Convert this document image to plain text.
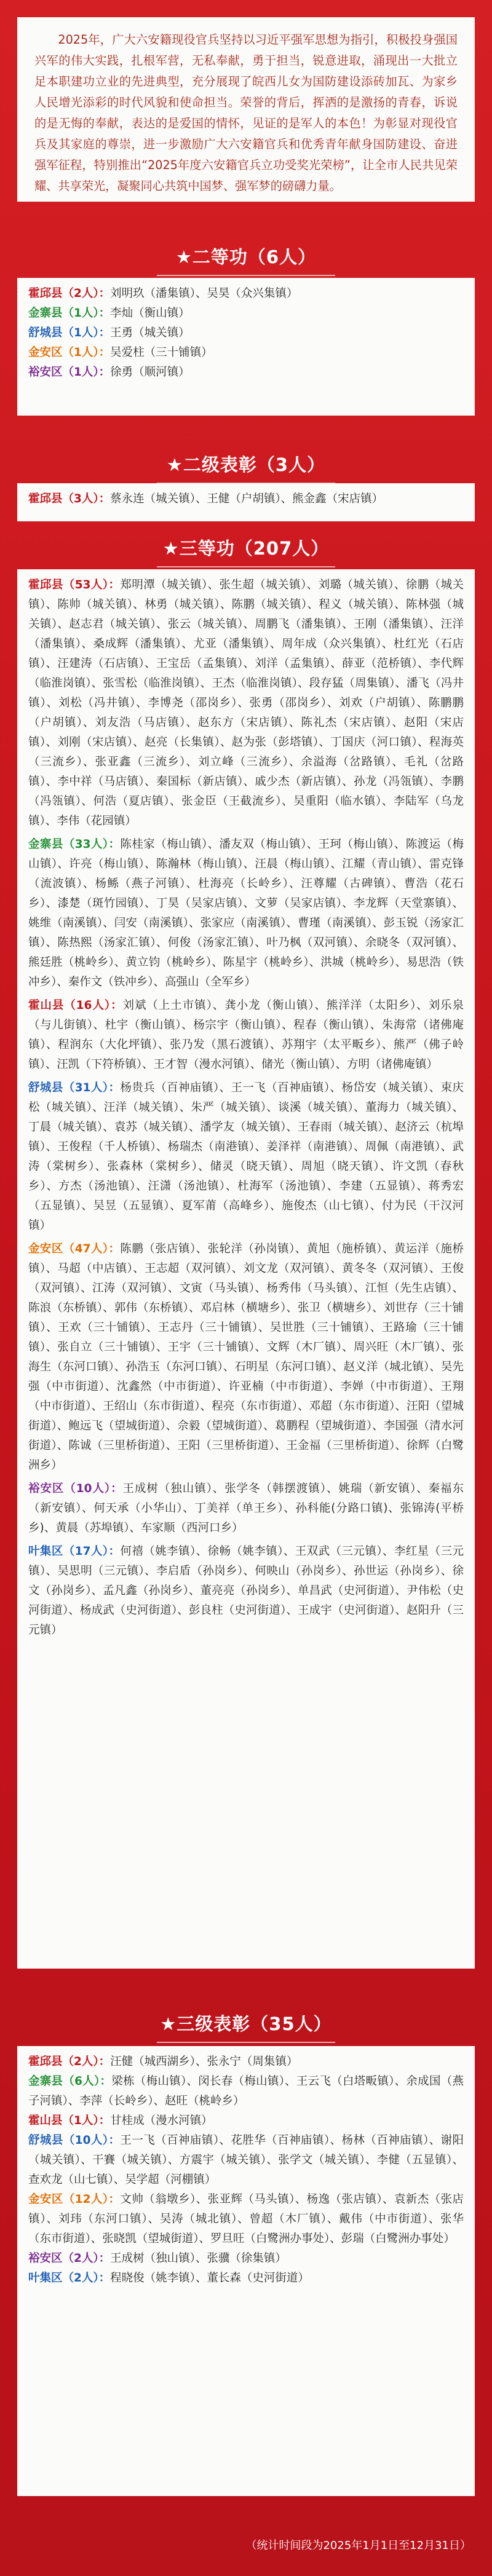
2025年，广大六安籍现役官兵坚持以习近平强军思想为指引，积极投身强国兴军的伟大实践，扎根军营，无私奉献，勇于担当，锐意进取，涌现出一大批立足本职建功立业的先进典型，充分展现了皖西儿女为国防建设添砖加瓦、为家乡人民增光添彩的时代风貌和使命担当。荣誉的背后，挥洒的是激扬的青春，诉说的是无悔的奉献，表达的是爱国的情怀，见证的是军人的本色！为彰显对现役官兵及其家庭的尊崇，进一步激励广大六安籍官兵和优秀青年献身国防建设、奋进强军征程，特别推出“2025年度六安籍官兵立功受奖光荣榜”，让全市人民共见荣耀、共享荣光，凝聚同心共筑中国梦、强军梦的磅礴力量。
★二等功（6人）
霍邱县（2人）：刘明玖（潘集镇）、吴昊（众兴集镇）
金寨县（1人）：李灿（衡山镇）
舒城县（1人）：王勇（城关镇）
金安区（1人）：吴爱柱（三十铺镇）
裕安区（1人）：徐勇（顺河镇）
★二级表彰（3人）
霍邱县（3人）：蔡永连（城关镇）、王健（户胡镇）、熊金鑫（宋店镇）
★三等功（207人）
霍邱县（53人）：郑明潭（城关镇）、张生超（城关镇）、刘璐（城关镇）、徐鹏（城关镇）、陈帅（城关镇）、林勇（城关镇）、陈鹏（城关镇）、程义（城关镇）、陈林强（城关镇）、赵志君（城关镇）、张云（城关镇）、周鹏飞（潘集镇）、王刚（潘集镇）、汪洋（潘集镇）、桑成辉（潘集镇）、尤亚（潘集镇）、周年成（众兴集镇）、杜红光（石店镇）、汪建涛（石店镇）、王宝岳（孟集镇）、刘洋（孟集镇）、薛亚（范桥镇）、李代辉（临淮岗镇）、张雪松（临淮岗镇）、王杰（临淮岗镇）、段存猛（周集镇）、潘飞（冯井镇）、刘松（冯井镇）、李博尧（邵岗乡）、张勇（邵岗乡）、刘欢（户胡镇）、陈鹏鹏（户胡镇）、刘友浩（马店镇）、赵东方（宋店镇）、陈礼杰（宋店镇）、赵阳（宋店镇）、刘刚（宋店镇）、赵亮（长集镇）、赵为张（彭塔镇）、丁国庆（河口镇）、程海英（三流乡）、张亚鑫（三流乡）、刘立峰（三流乡）、余溢海（岔路镇）、毛礼（岔路镇）、李中祥（马店镇）、秦国标（新店镇）、戚少杰（新店镇）、孙龙（冯瓴镇）、李鹏（冯瓴镇）、何浩（夏店镇）、张金臣（王截流乡）、吴重阳（临水镇）、李陆军（乌龙镇）、李伟（花园镇）
金寨县（33人）：陈桂家（梅山镇）、潘友双（梅山镇）、王珂（梅山镇）、陈渡运（梅山镇）、许亮（梅山镇）、陈瀚林（梅山镇）、汪晨（梅山镇）、江耀（青山镇）、雷克锋（流波镇）、杨鲧（燕子河镇）、杜海亮（长岭乡）、汪尊耀（古碑镇）、曹浩（花石乡）、漆楚（斑竹园镇）、丁昊（吴家店镇）、文萝（吴家店镇）、李龙辉（天堂寨镇）、姚维（南溪镇）、闫安（南溪镇）、张家应（南溪镇）、曹瑾（南溪镇）、彭玉锐（汤家汇镇）、陈热熙（汤家汇镇）、何俊（汤家汇镇）、叶乃枫（双河镇）、余晓冬（双河镇）、熊廷胜（桃岭乡）、黄立钧（桃岭乡）、陈星宇（桃岭乡）、洪城（桃岭乡）、易思浩（铁冲乡）、秦作文（铁冲乡）、高强山（全军乡）
霍山县（16人）：刘斌（上土市镇）、龚小龙（衡山镇）、熊洋洋（太阳乡）、刘乐泉（与儿街镇）、杜宇（衡山镇）、杨宗宇（衡山镇）、程春（衡山镇）、朱海常（诸佛庵镇）、程润东（大化坪镇）、张乃发（黑石渡镇）、苏翔宇（太平畈乡）、熊严（佛子岭镇）、汪凯（下符桥镇）、王才智（漫水河镇）、储光（衡山镇）、方明（诸佛庵镇）
舒城县（31人）：杨贵兵（百神庙镇）、王一飞（百神庙镇）、杨岱安（城关镇）、束庆松（城关镇）、汪洋（城关镇）、朱严（城关镇）、谈溪（城关镇）、董海力（城关镇）、丁晨（城关镇）、袁苏（城关镇）、潘学友（城关镇）、王春雨（城关镇）、赵济云（杭埠镇）、王俊程（千人桥镇）、杨瑞杰（南港镇）、姜泽祥（南港镇）、周佩（南港镇）、武涛（棠树乡）、张森林（棠树乡）、储灵（晓天镇）、周旭（晓天镇）、许文凯（春秋乡）、方杰（汤池镇）、汪潇（汤池镇）、杜海军（汤池镇）、李建（五显镇）、蒋秀宏（五显镇）、吴昱（五显镇）、夏军莆（高峰乡）、施俊杰（山七镇）、付为民（干汉河镇）
金安区（47人）：陈鹏（张店镇）、张轮洋（孙岗镇）、黄旭（施桥镇）、黄运洋（施桥镇）、马超（中店镇）、王志超（双河镇）、刘文龙（双河镇）、黄冬冬（双河镇）、王俊（双河镇）、江涛（双河镇）、文寅（马头镇）、杨秀伟（马头镇）、江恒（先生店镇）、陈浪（东桥镇）、郭伟（东桥镇）、邓启林（横塘乡）、张卫（横塘乡）、刘世存（三十铺镇）、王欢（三十铺镇）、王志丹（三十铺镇）、吴世胜（三十铺镇）、王路瑜（三十铺镇）、张自立（三十铺镇）、王宇（三十铺镇）、文辉（木厂镇）、周兴旺（木厂镇）、张海生（东河口镇）、孙浩玉（东河口镇）、石明星（东河口镇）、赵义洋（城北镇）、吴先强（中市街道）、沈鑫然（中市街道）、许亚楠（中市街道）、李婵（中市街道）、王翔（中市街道）、王绍山（东市街道）、程亮（东市街道）、邓超（东市街道）、汪阳（望城街道）、鲍远飞（望城街道）、佘毅（望城街道）、葛鹏程（望城街道）、李国强（清水河街道）、陈诚（三里桥街道）、王阳（三里桥街道）、王金福（三里桥街道）、徐辉（白鹭洲乡）
裕安区（10人）：王成树（独山镇）、张学冬（韩摆渡镇）、姚瑞（新安镇）、秦福东（新安镇）、何天承（小华山）、丁美祥（单王乡）、孙科能(分路口镇)、张锦涛(平桥乡)、黄晨（苏埠镇）、车家顺（西河口乡）
叶集区（17人）：何禧（姚李镇）、徐畅（姚李镇）、王双武（三元镇）、李红星（三元镇）、吴思明（三元镇）、李启盾（孙岗乡）、何映山（孙岗乡）、孙世运（孙岗乡）、徐文（孙岗乡）、孟凡鑫（孙岗乡）、董亮亮（孙岗乡）、单昌武（史河街道）、尹伟松（史河街道）、杨成武（史河街道）、彭良柱（史河街道）、王成宇（史河街道）、赵阳升（三元镇）
★三级表彰（35人）
霍邱县（2人）：汪健（城西湖乡）、张永宁（周集镇）
金寨县（6人）：梁栋（梅山镇）、闵长春（梅山镇）、王云飞（白塔畈镇）、余成国（燕子河镇）、李萍（长岭乡）、赵旺（桃岭乡）
霍山县（1人）：甘桂成（漫水河镇）
舒城县（10人）：王一飞（百神庙镇）、花胜华（百神庙镇）、杨林（百神庙镇）、谢阳（城关镇）、干賽（城关镇）、方震宇（城关镇）、张学文（城关镇）、李健（五显镇）、查欢龙（山七镇）、吴学超（河棚镇）
金安区（12人）：文帅（翁墩乡）、张亚辉（马头镇）、杨逸（张店镇）、袁新杰（张店镇）、刘玮（东河口镇）、吴涛（城北镇）、曾超（木厂镇）、戴伟（中市街道）、张华（东市街道）、张晓凯（望城街道）、罗旦旺（白鹭洲办事处）、彭瑞（白鹭洲办事处）
裕安区（2人）：王成树（独山镇）、张骥（徐集镇）
叶集区（2人）：程晓俊（姚李镇）、董长森（史河街道）
（统计时间段为2025年1月1日至12月31日）
